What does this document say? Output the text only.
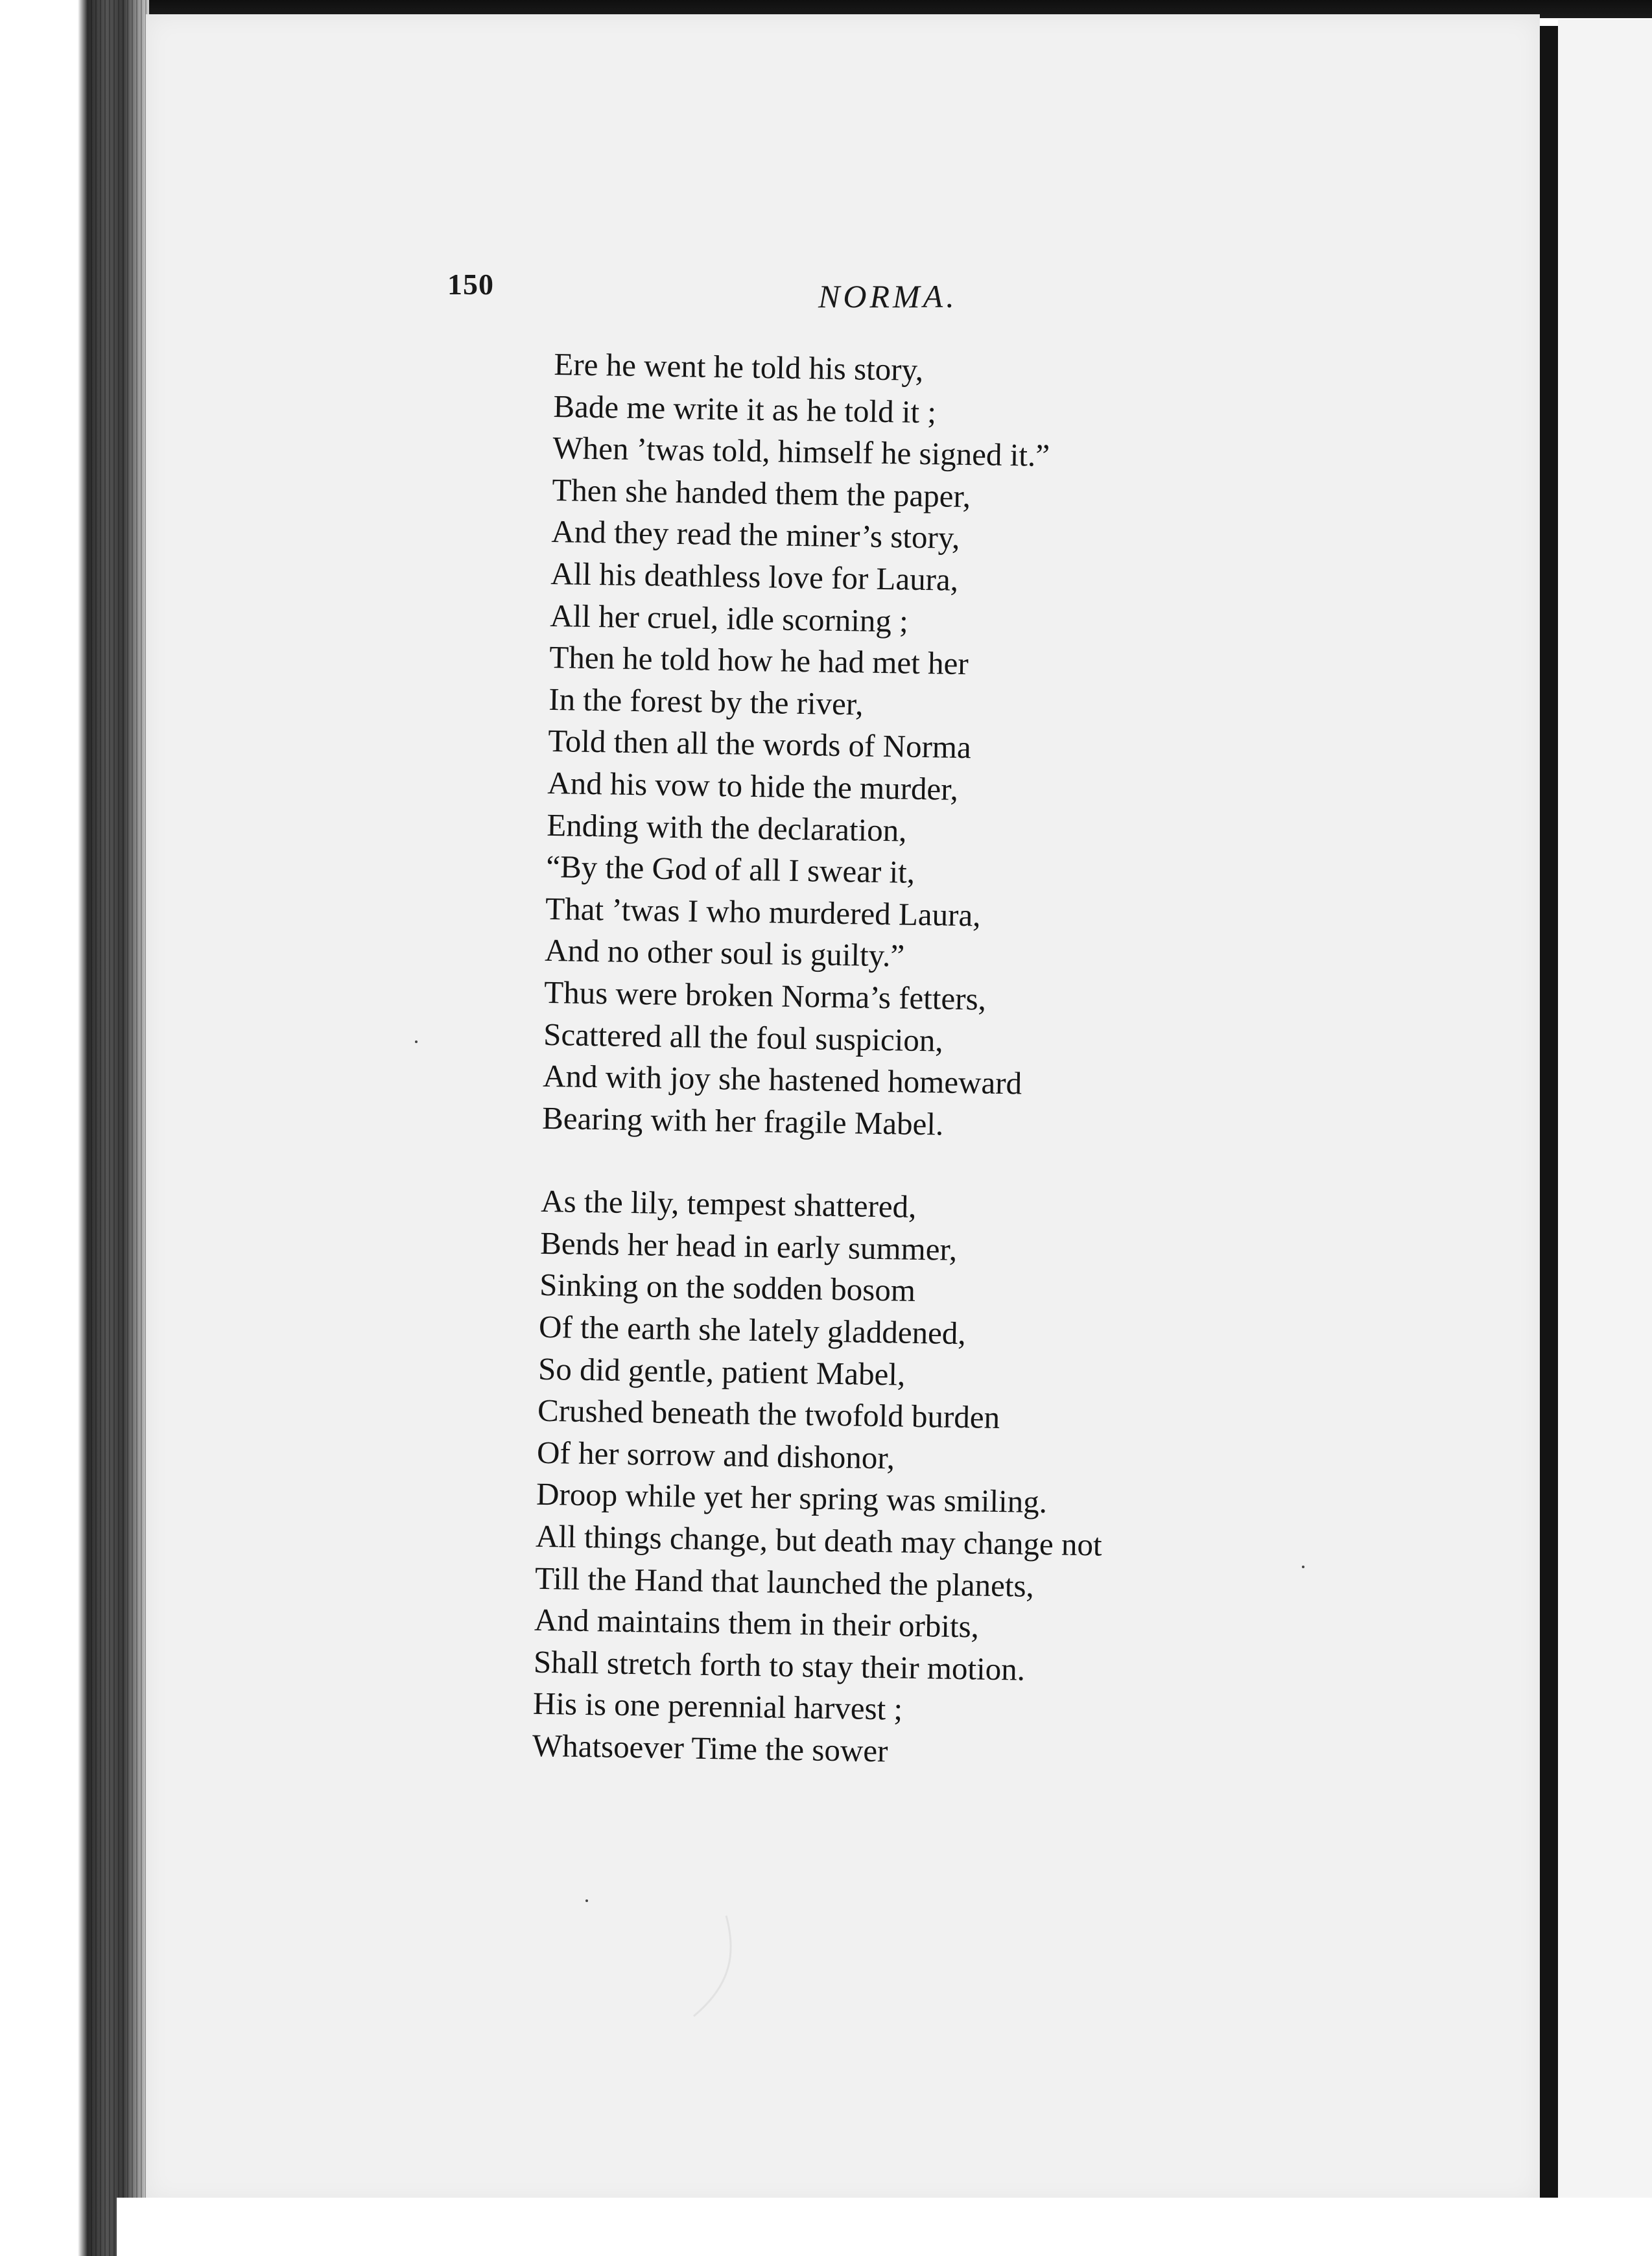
150	NORMA.
Ere he went he told his story,
Bade me write it as he told it ;
When ’twas told, himself he signed it.”
Then she handed them the paper,
And they read the miner’s story,
All his deathless love for Laura,
All her cruel, idle scorning ;
Then he told how he had met her
In the forest by the river,
Told then all the words of Norma
And his vow to hide the murder,
Ending with the declaration,
“By the God of all I swear it,
That ’twas I who murdered Laura,
And no other soul is guilty.”
Thus were broken Norma’s fetters,
Scattered all the foul suspicion,
And with joy she hastened homeward
Bearing with her fragile Mabel.
As the lily, tempest shattered,
Bends her head in early summer,
Sinking on the sodden bosom
Of the earth she lately gladdened,
So did gentle, patient Mabel,
Crushed beneath the twofold burden
Of her sorrow and dishonor,
Droop while yet her spring was smiling.
All things change, but death may change not
Till the Hand that launched the planets,
And maintains them in their orbits,
Shall stretch forth to stay their motion.
His is one perennial harvest ;
Whatsoever Time the sower
